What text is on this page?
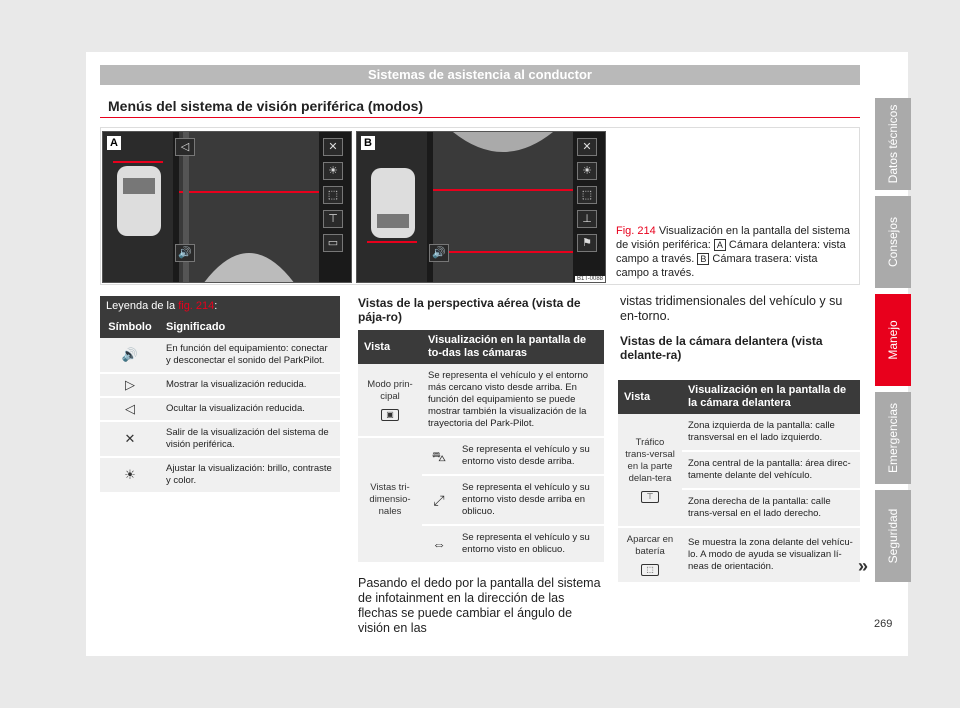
Sistemas de asistencia al conductor
Menús del sistema de visión periférica (modos)	Datos técnicos
Consejos
Manejo
Emergencias
Seguridad
A	◁	✕
☀
⬚
⊤
▭
🔊
B	✕
☀
⬚
⊥
⚑
🔊
B1T-0088
Fig. 214 Visualización en la pantalla del sistema de visión periférica: A Cámara delantera: vista campo a través. B Cámara trasera: vista campo a través.
Leyenda de la fig. 214:
Símbolo	Significado
🔊	En función del equipamiento: conectar y desconectar el sonido del ParkPilot.
▷	Mostrar la visualización reducida.
◁	Ocultar la visualización reducida.
✕	Salir de la visualización del sistema de visión periférica.
☀	Ajustar la visualización: brillo, contraste y color.
Vistas de la perspectiva aérea (vista de pája-ro)
Vista	Visualización en la pantalla de to-das las cámaras	
Modo prin-cipal
▣	Se representa el vehículo y el entorno más cercano visto desde arriba. En función del equipamiento se puede mostrar también la visualización de la trayectoria del Park-Pilot.	
Vistas tri-dimensio-nales	⛍	Se representa el vehículo y su entorno visto desde arriba.
	⤢	Se representa el vehículo y su entorno visto desde arriba en oblicuo.
	⇔	Se representa el vehículo y su entorno visto en oblicuo.
Pasando el dedo por la pantalla del sistema de infotainment en la dirección de las flechas se puede cambiar el ángulo de visión en las
vistas tridimensionales del vehículo y su en-torno.
Vistas de la cámara delantera (vista delante-ra)
Vista	Visualización en la pantalla de la cámara delantera
Tráfico trans-versal en la parte delan-tera
⊤	Zona izquierda de la pantalla: calle transversal en el lado izquierdo.
	Zona central de la pantalla: área direc-tamente delante del vehículo.
	Zona derecha de la pantalla: calle trans-versal en el lado derecho.
Aparcar en batería
⬚	Se muestra la zona delante del vehícu-lo. A modo de ayuda se visualizan lí-neas de orientación.	»
269
